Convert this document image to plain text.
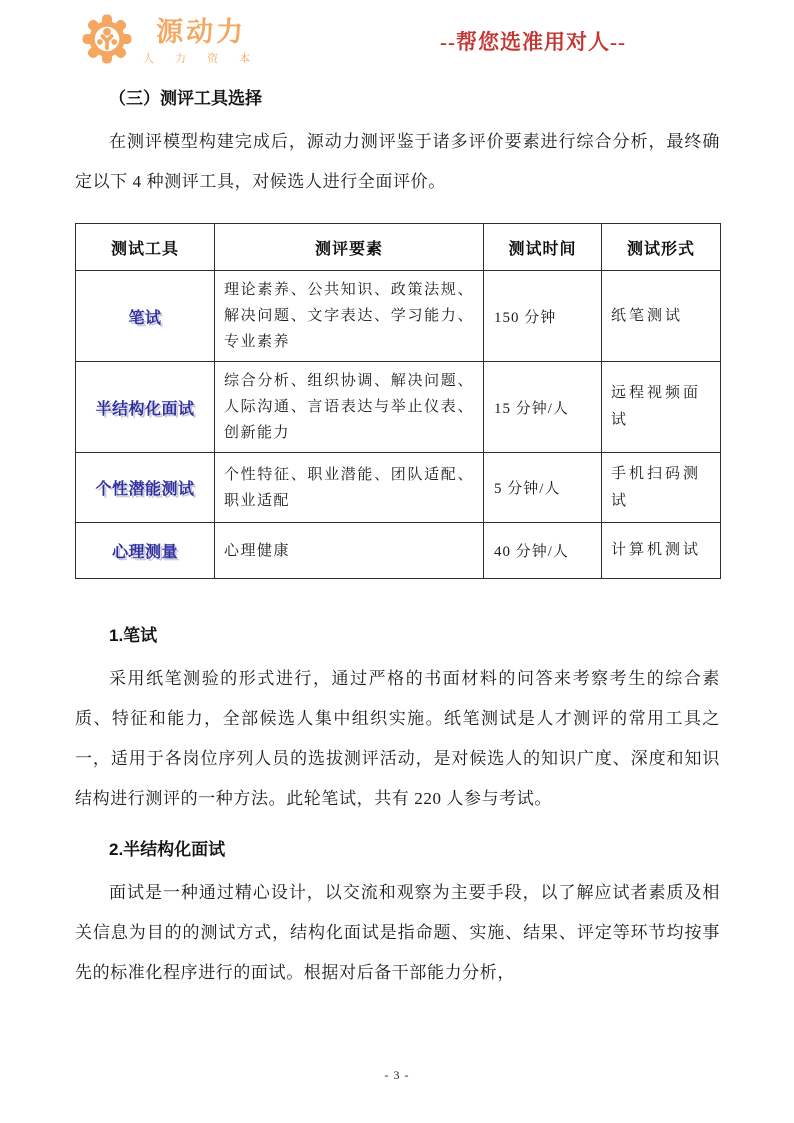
源动力
人 力 资 本
--帮您选准用对人--
（三）测评工具选择

在测评模型构建完成后，源动力测评鉴于诸多评价要素进行综合分析，最终确定以下 4 种测评工具，对候选人进行全面评价。

测试工具	测评要素	测试时间	测试形式
笔试	理论素养、公共知识、政策法规、解决问题、文字表达、学习能力、专业素养	150 分钟	纸笔测试
半结构化面试	综合分析、组织协调、解决问题、人际沟通、言语表达与举止仪表、创新能力	15 分钟/人	远程视频面试
个性潜能测试	个性特征、职业潜能、团队适配、职业适配	5 分钟/人	手机扫码测试
心理测量	心理健康	40 分钟/人	计算机测试
1.笔试

采用纸笔测验的形式进行，通过严格的书面材料的问答来考察考生的综合素质、特征和能力，全部候选人集中组织实施。纸笔测试是人才测评的常用工具之一，适用于各岗位序列人员的选拔测评活动，是对候选人的知识广度、深度和知识结构进行测评的一种方法。此轮笔试，共有 220 人参与考试。

2.半结构化面试

面试是一种通过精心设计，以交流和观察为主要手段，以了解应试者素质及相关信息为目的的测试方式，结构化面试是指命题、实施、结果、评定等环节均按事先的标准化程序进行的面试。根据对后备干部能力分析，

- 3 -
